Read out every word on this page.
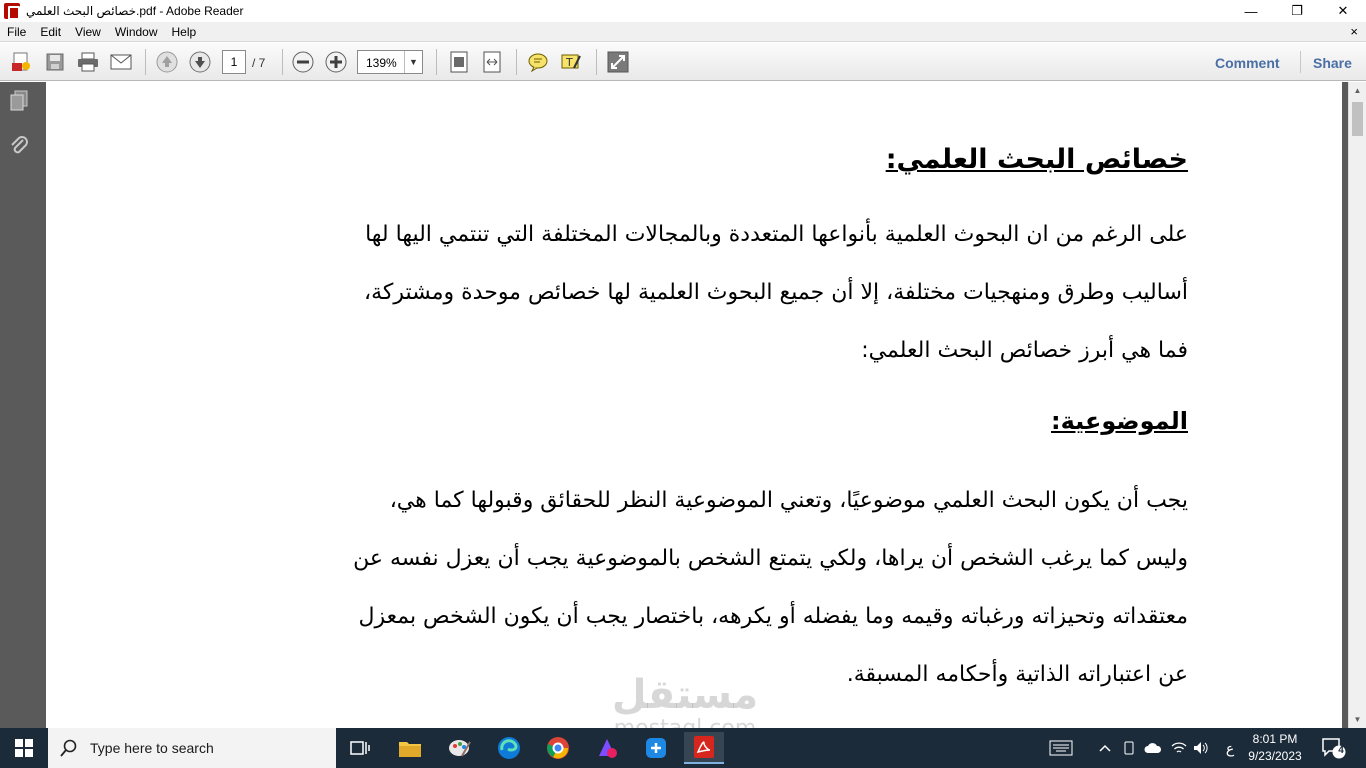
خصائص البحث العلمي.pdf - Adobe Reader	—	❐	✕
File	Edit	View	Window	Help	×
1	/ 7	139%	▼	T	Comment Share
خصائص البحث العلمي:
على الرغم من ان البحوث العلمية بأنواعها المتعددة وبالمجالات المختلفة التي تنتمي اليها لها
أساليب وطرق ومنهجيات مختلفة، إلا أن جميع البحوث العلمية لها خصائص موحدة ومشتركة،
فما هي أبرز خصائص البحث العلمي:
الموضوعية:
يجب أن يكون البحث العلمي موضوعيًا، وتعني الموضوعية النظر للحقائق وقبولها كما هي،
وليس كما يرغب الشخص أن يراها، ولكي يتمتع الشخص بالموضوعية يجب أن يعزل نفسه عن
معتقداته وتحيزاته ورغباته وقيمه وما يفضله أو يكرهه، باختصار يجب أن يكون الشخص بمعزل
عن اعتباراته الذاتية وأحكامه المسبقة.
▲
▼
مستقل
Type here to search	ع
8:01 PM
9/23/2023	4
